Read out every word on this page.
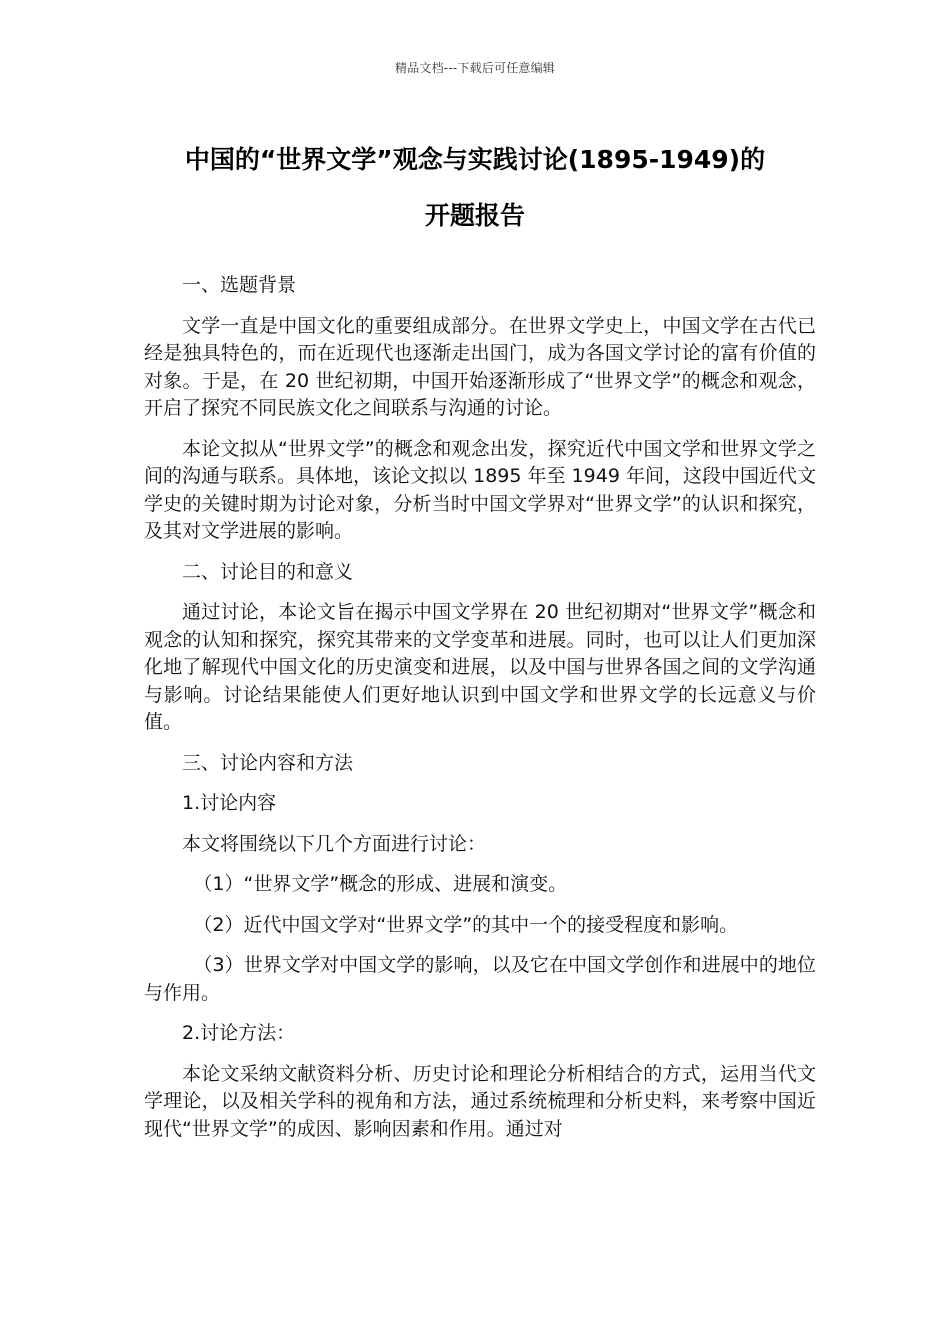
精品文档---下载后可任意编辑
中国的“世界文学”观念与实践讨论(1895-1949)的
开题报告

一、选题背景

文学一直是中国文化的重要组成部分。在世界文学史上，中国文学在古代已经是独具特色的，而在近现代也逐渐走出国门，成为各国文学讨论的富有价值的对象。于是，在 20 世纪初期，中国开始逐渐形成了“世界文学”的概念和观念，开启了探究不同民族文化之间联系与沟通的讨论。

本论文拟从“世界文学”的概念和观念出发，探究近代中国文学和世界文学之间的沟通与联系。具体地，该论文拟以 1895 年至 1949 年间，这段中国近代文学史的关键时期为讨论对象，分析当时中国文学界对“世界文学”的认识和探究，及其对文学进展的影响。

二、讨论目的和意义

通过讨论，本论文旨在揭示中国文学界在 20 世纪初期对“世界文学”概念和观念的认知和探究，探究其带来的文学变革和进展。同时，也可以让人们更加深化地了解现代中国文化的历史演变和进展，以及中国与世界各国之间的文学沟通与影响。讨论结果能使人们更好地认识到中国文学和世界文学的长远意义与价值。

三、讨论内容和方法

1.讨论内容

本文将围绕以下几个方面进行讨论：

（1）“世界文学”概念的形成、进展和演变。

（2）近代中国文学对“世界文学”的其中一个的接受程度和影响。

（3）世界文学对中国文学的影响，以及它在中国文学创作和进展中的地位与作用。

2.讨论方法：

本论文采纳文献资料分析、历史讨论和理论分析相结合的方式，运用当代文学理论，以及相关学科的视角和方法，通过系统梳理和分析史料，来考察中国近现代“世界文学”的成因、影响因素和作用。通过对
